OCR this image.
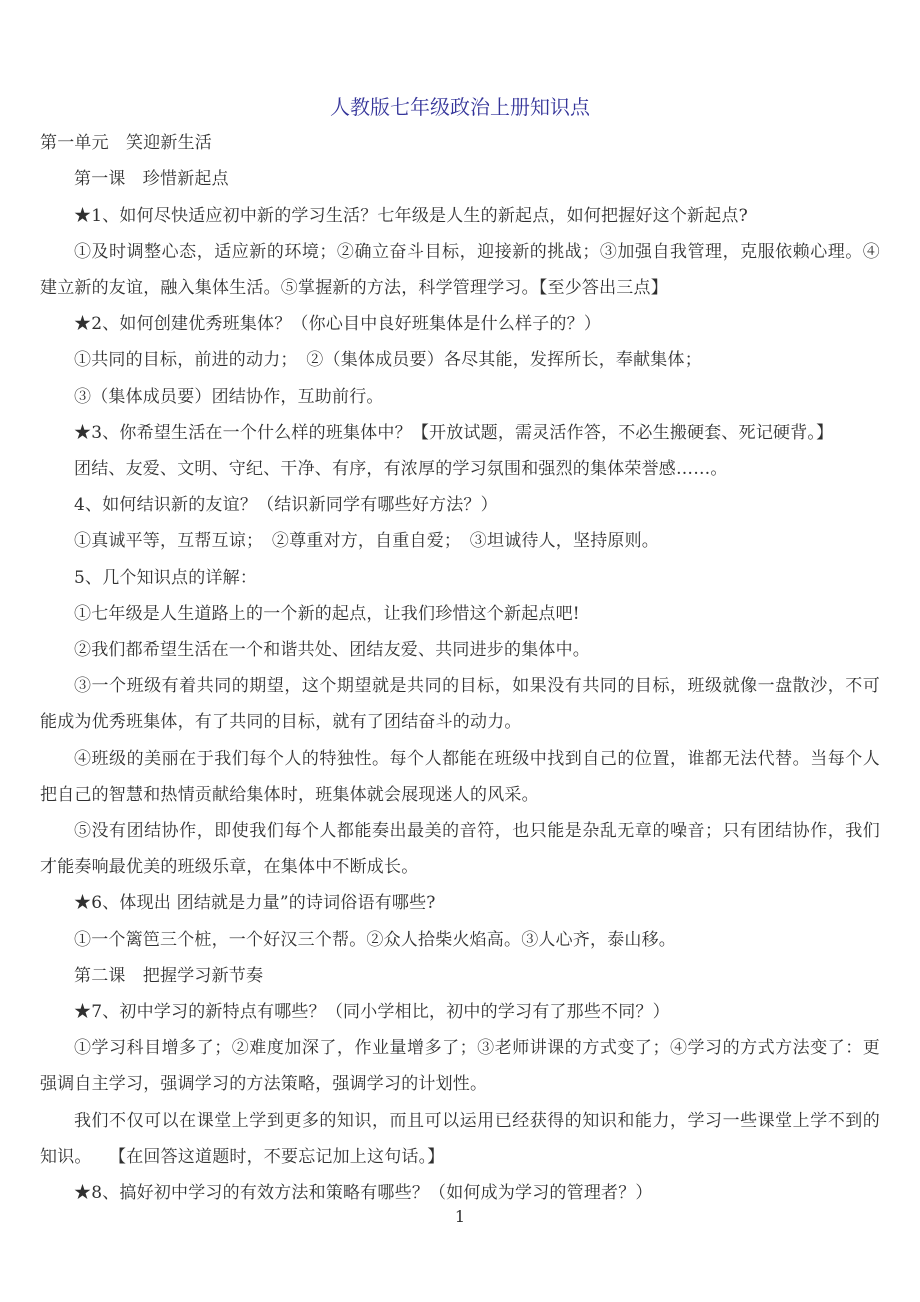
人教版七年级政治上册知识点

第一单元　笑迎新生活

第一课　珍惜新起点

★1、如何尽快适应初中新的学习生活？七年级是人生的新起点，如何把握好这个新起点?

①及时调整心态，适应新的环境；②确立奋斗目标，迎接新的挑战；③加强自我管理，克服依赖心理。④建立新的友谊，融入集体生活。⑤掌握新的方法，科学管理学习。【至少答出三点】

★2、如何创建优秀班集体？（你心目中良好班集体是什么样子的？）

①共同的目标，前进的动力；　②（集体成员要）各尽其能，发挥所长，奉献集体；

③（集体成员要）团结协作，互助前行。

★3、你希望生活在一个什么样的班集体中？【开放试题，需灵活作答，不必生搬硬套、死记硬背。】

团结、友爱、文明、守纪、干净、有序，有浓厚的学习氛围和强烈的集体荣誉感……。

4、如何结识新的友谊？（结识新同学有哪些好方法？）

①真诚平等，互帮互谅；　②尊重对方，自重自爱；　③坦诚待人，坚持原则。

5、几个知识点的详解：

①七年级是人生道路上的一个新的起点，让我们珍惜这个新起点吧!

②我们都希望生活在一个和谐共处、团结友爱、共同进步的集体中。

③一个班级有着共同的期望，这个期望就是共同的目标，如果没有共同的目标，班级就像一盘散沙，不可能成为优秀班集体，有了共同的目标，就有了团结奋斗的动力。

④班级的美丽在于我们每个人的特独性。每个人都能在班级中找到自己的位置，谁都无法代替。当每个人把自己的智慧和热情贡献给集体时，班集体就会展现迷人的风采。

⑤没有团结协作，即使我们每个人都能奏出最美的音符，也只能是杂乱无章的噪音；只有团结协作，我们才能奏响最优美的班级乐章，在集体中不断成长。

★6、体现出 团结就是力量”的诗词俗语有哪些?

①一个篱笆三个桩，一个好汉三个帮。②众人拾柴火焰高。③人心齐，泰山移。

第二课　把握学习新节奏

★7、初中学习的新特点有哪些？（同小学相比，初中的学习有了那些不同？）

①学习科目增多了；②难度加深了，作业量增多了；③老师讲课的方式变了；④学习的方式方法变了：更强调自主学习，强调学习的方法策略，强调学习的计划性。

我们不仅可以在课堂上学到更多的知识，而且可以运用已经获得的知识和能力，学习一些课堂上学不到的知识。　　【在回答这道题时，不要忘记加上这句话。】

★8、搞好初中学习的有效方法和策略有哪些？（如何成为学习的管理者？）

1
